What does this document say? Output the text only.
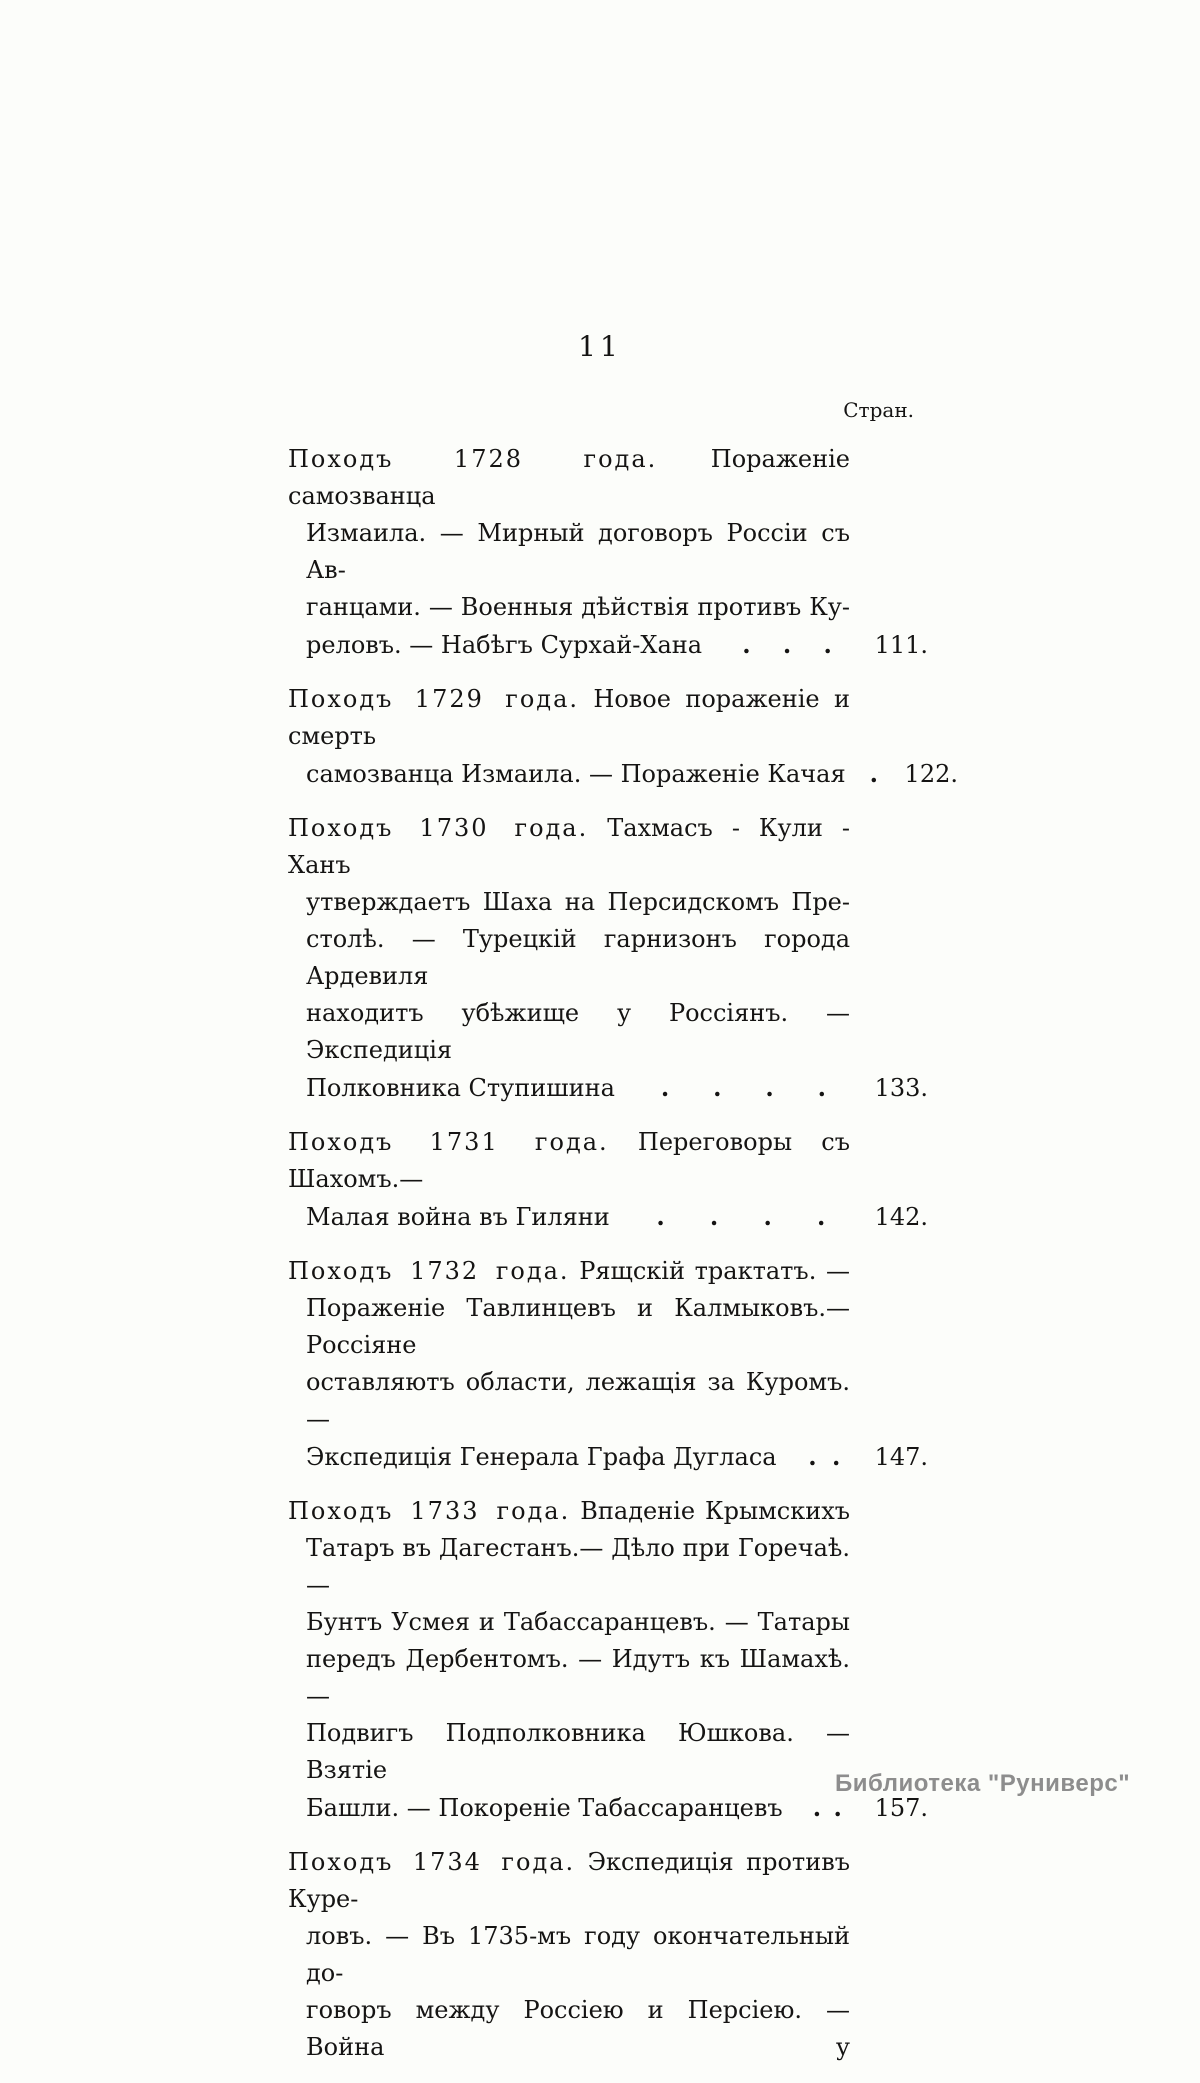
11
Стран.
Походъ 1728 года. Пораженіе самозванца
Измаила. — Мирный договоръ Россіи съ Ав-
ганцами. — Военныя дѣйствія противъ Ку-
реловъ. — Набѣгъ Сурхай-Хана . . .	111.
Походъ 1729 года. Новое пораженіе и смерть
самозванца Измаила. — Пораженіе Качая .	122.
Походъ 1730 года. Тахмасъ - Кули - Ханъ
утверждаетъ Шаха на Персидскомъ Пре-
столѣ. — Турецкій гарнизонъ города Ардевиля
находитъ убѣжище у Россіянъ. — Экспедиція
Полковника Ступишина . . . .	133.
Походъ 1731 года. Переговоры съ Шахомъ.—
Малая война въ Гиляни . . . .	142.
Походъ 1732 года. Рящскій трактатъ. —
Пораженіе Тавлинцевъ и Калмыковъ.— Россіяне
оставляютъ области, лежащія за Куромъ. —
Экспедиція Генерала Графа Дугласа . .	147.
Походъ 1733 года. Впаденіе Крымскихъ
Татаръ въ Дагестанъ.— Дѣло при Горечаѣ. —
Бунтъ Усмея и Табассаранцевъ. — Татары
передъ Дербентомъ. — Идутъ къ Шамахѣ. —
Подвигъ Подполковника Юшкова. — Взятіе
Башли. — Покореніе Табассаранцевъ . .	157.
Походъ 1734 года. Экспедиція противъ Куре-
ловъ. — Въ 1735-мъ году окончательный до-
говоръ между Россіею и Персіею. — Война у
Библиотека "Руниверс"
